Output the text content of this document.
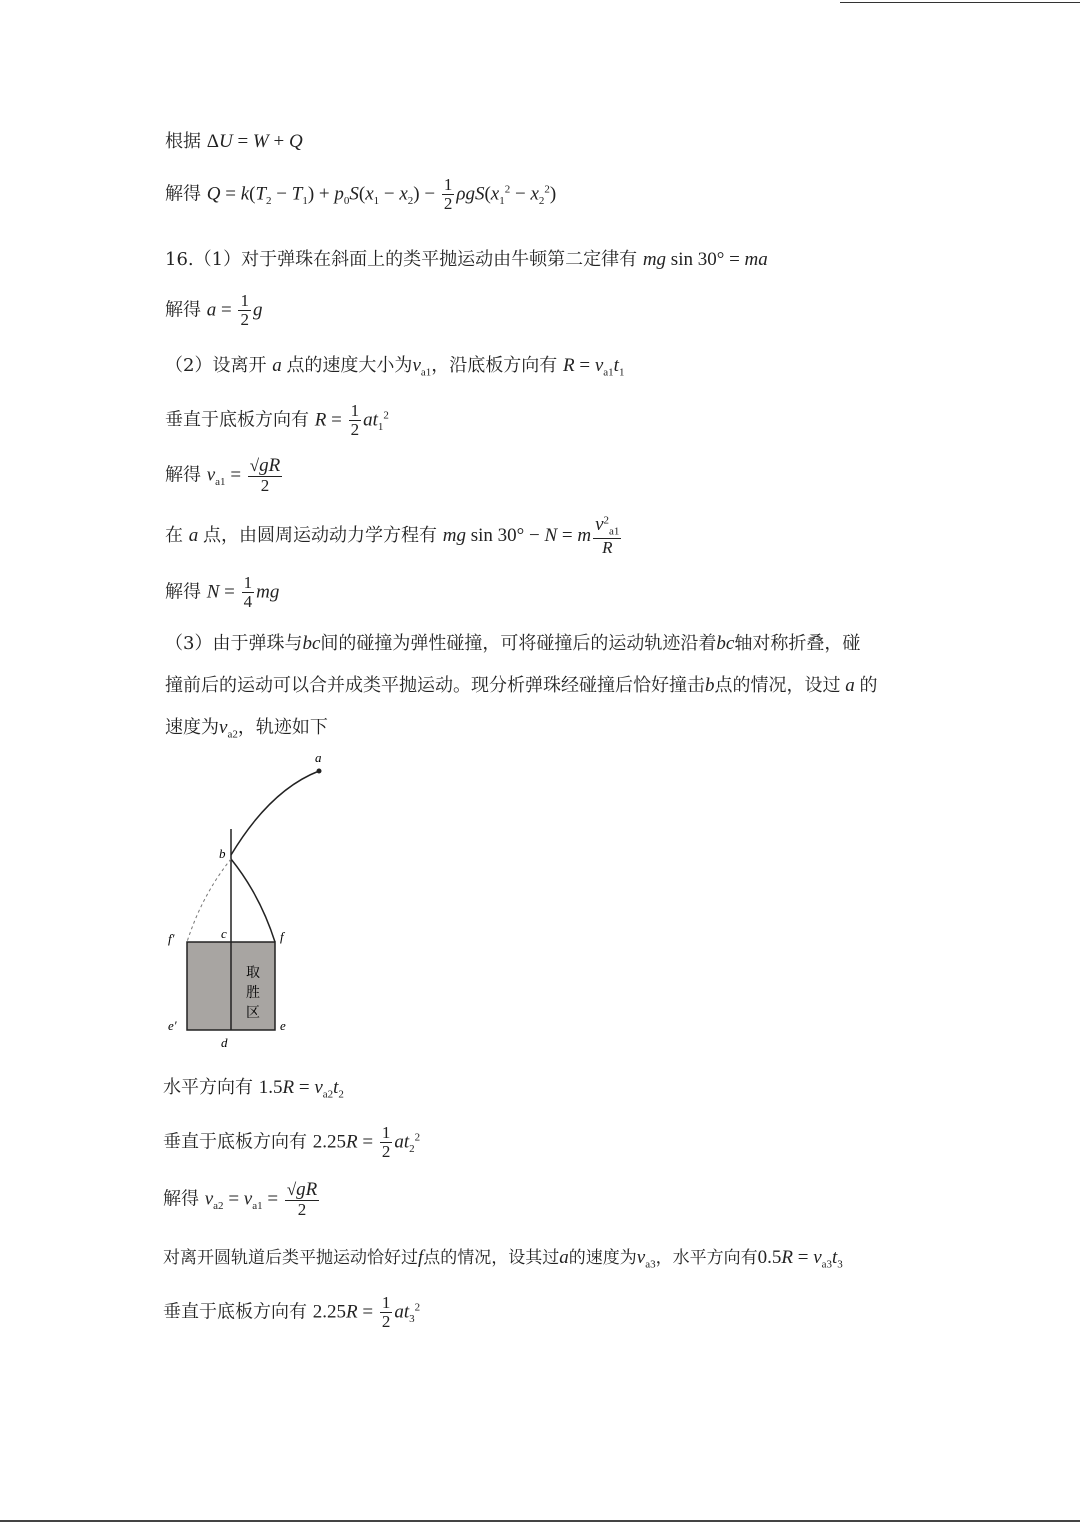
根据 ΔU = W + Q
解得 $Q = k(T_2 - T_1) + p_0S(x_1 - x_2) - \frac{1}{2} \rho gS(x_1^2 - x_2^2)$
16.（1）对于弹珠在斜面上的类平抛运动由牛顿第二定律有 mg sin 30° = ma
解得 $a = \frac{1}{2}$ g
（2）设离开 a 点的速度大小为$v_{a1}$，沿底板方向有 $R = v_{a1}t_1$
垂直于底板方向有 $R = \frac{1}{2} at_1^2$
解得 $v_{a1} = \frac{√gR}{2}$
在 a 点，由圆周运动动力学方程有 mg sin 30° − N = m $\frac{v^2_{a1}}{R}$
解得 $N = \frac{1}{4}$ mg
（3）由于弹珠与bc间的碰撞为弹性碰撞，可将碰撞后的运动轨迹沿着bc轴对称折叠，碰
撞前后的运动可以合并成类平抛运动。现分析弹珠经碰撞后恰好撞击b点的情况，设过 a 的
速度为$v_{a2}$，轨迹如下
a
b
c	f
f′
e
e′
d
取
胜
区
水平方向有 $1.5R = v_{a2}t_2$
垂直于底板方向有 $2.25R = \frac{1}{2} at_2^2$
解得 $v_{a2} = v_{a1} = \frac{√gR}{2}$
对离开圆轨道后类平抛运动恰好过f点的情况，设其过a的速度为$v_{a3}$，水平方向有$0.5R = v_{a3}t_3$
垂直于底板方向有 $2.25R = \frac{1}{2} at_3^2$
